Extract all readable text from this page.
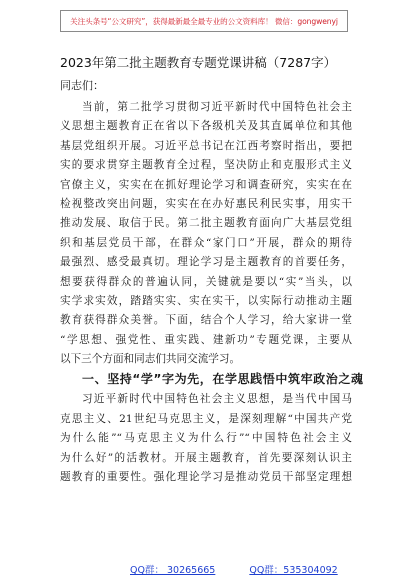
关注头条号“公文研究”，获得最新最全最专业的公文资料库！ 微信：gongwenyj
2023年第二批主题教育专题党课讲稿（7287字）
同志们：
当前，第二批学习贯彻习近平新时代中国特色社会主
义思想主题教育正在省以下各级机关及其直属单位和其他
基层党组织开展。习近平总书记在江西考察时指出，要把
实的要求贯穿主题教育全过程，坚决防止和克服形式主义
官僚主义，实实在在抓好理论学习和调查研究，实实在在
检视整改突出问题，实实在在办好惠民利民实事，用实干
推动发展、取信于民。第二批主题教育面向广大基层党组
织和基层党员干部，在群众“家门口”开展，群众的期待
最强烈、感受最真切。理论学习是主题教育的首要任务，
想要获得群众的普遍认同，关键就是要以“实”当头，以
实学求实效，踏踏实实、实在实干，以实际行动推动主题
教育获得群众美誉。下面，结合个人学习，给大家讲一堂
“学思想、强党性、重实践、建新功”专题党课，主要从
以下三个方面和同志们共同交流学习。
一、坚持“学”字为先，在学思践悟中筑牢政治之魂
习近平新时代中国特色社会主义思想，是当代中国马
克思主义、21世纪马克思主义，是深刻理解“中国共产党
为什么能”“马克思主义为什么行”“中国特色社会主义
为什么好”的活教材。开展主题教育，首先要深刻认识主
题教育的重要性。强化理论学习是推动党员干部坚定理想
QQ群： 30265665	QQ群：535304092
